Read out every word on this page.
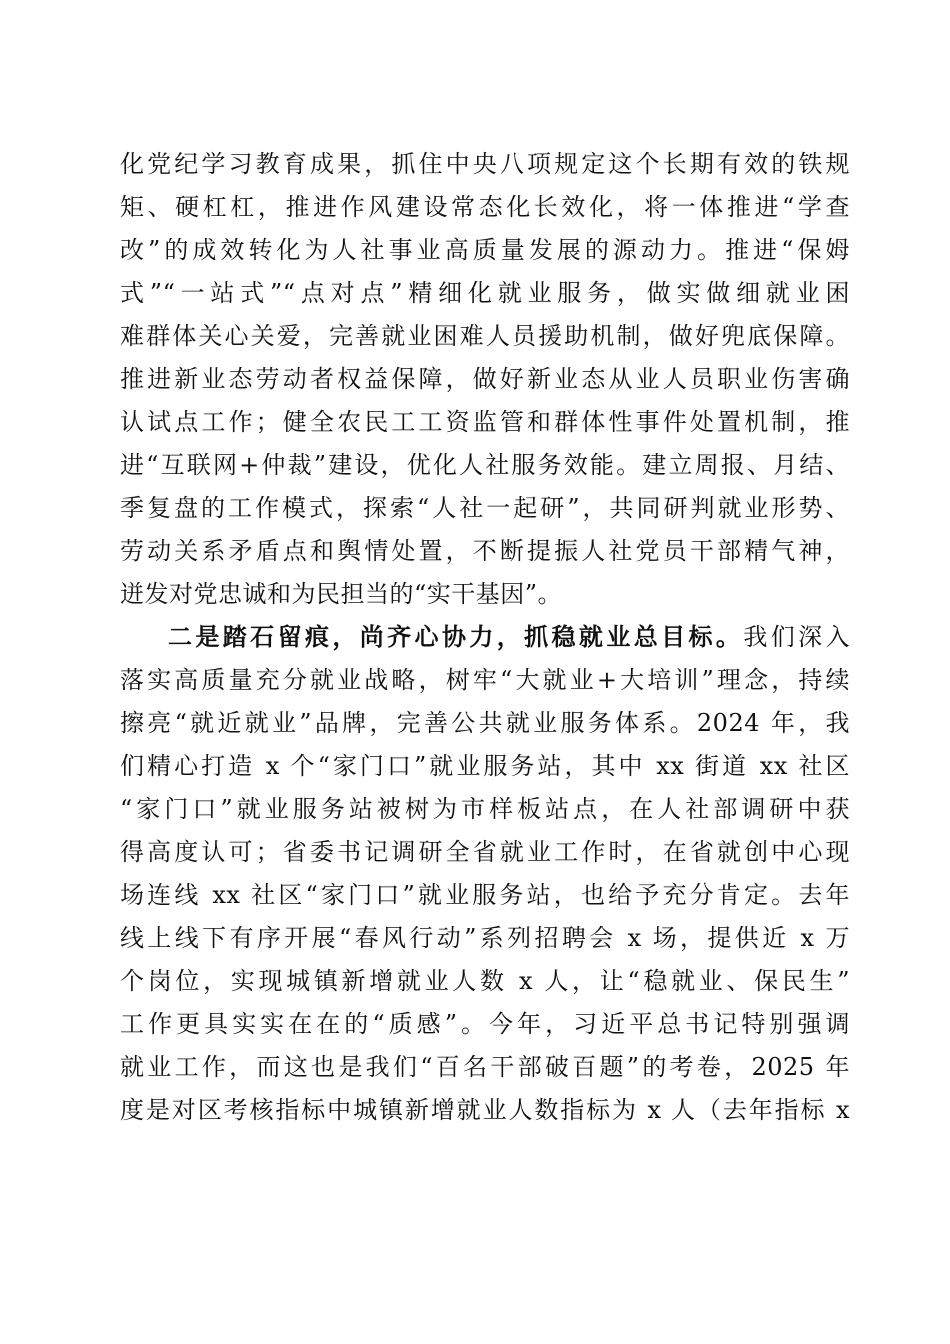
化党纪学习教育成果，抓住中央八项规定这个长期有效的铁规
矩、硬杠杠，推进作风建设常态化长效化，将一体推进“学查
改”的成效转化为人社事业高质量发展的源动力。推进“保姆
式”“一站式”“点对点”精细化就业服务，做实做细就业困
难群体关心关爱，完善就业困难人员援助机制，做好兜底保障。
推进新业态劳动者权益保障，做好新业态从业人员职业伤害确
认试点工作；健全农民工工资监管和群体性事件处置机制，推
进“互联网+仲裁”建设，优化人社服务效能。建立周报、月结、
季复盘的工作模式，探索“人社一起研”，共同研判就业形势、
劳动关系矛盾点和舆情处置，不断提振人社党员干部精气神，
迸发对党忠诚和为民担当的“实干基因”。
二是踏石留痕，尚齐心协力，抓稳就业总目标。我们深入
落实高质量充分就业战略，树牢“大就业+大培训”理念，持续
擦亮“就近就业”品牌，完善公共就业服务体系。2024 年，我
们精心打造 x 个“家门口”就业服务站，其中 xx 街道 xx 社区
“家门口”就业服务站被树为市样板站点，在人社部调研中获
得高度认可；省委书记调研全省就业工作时，在省就创中心现
场连线 xx 社区“家门口”就业服务站，也给予充分肯定。去年
线上线下有序开展“春风行动”系列招聘会 x 场，提供近 x 万
个岗位，实现城镇新增就业人数 x 人，让“稳就业、保民生”
工作更具实实在在的“质感”。今年，习近平总书记特别强调
就业工作，而这也是我们“百名干部破百题”的考卷，2025 年
度是对区考核指标中城镇新增就业人数指标为 x 人（去年指标 x
